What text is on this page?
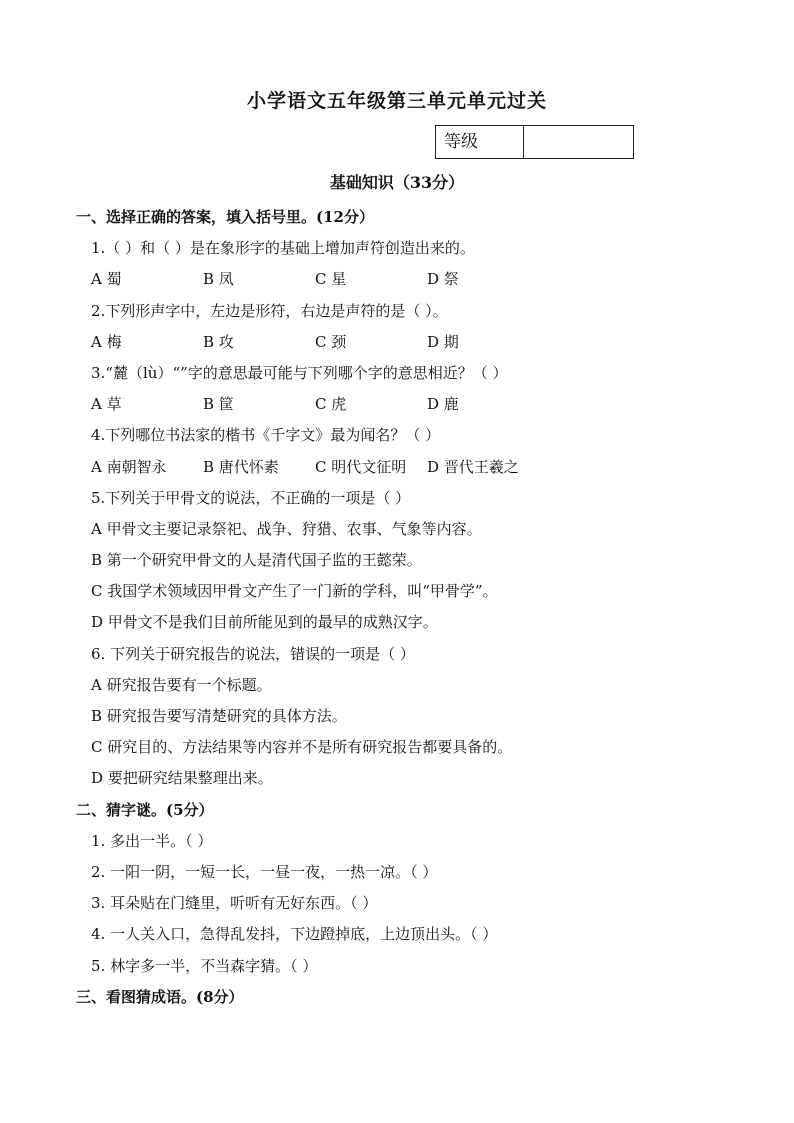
小学语文五年级第三单元单元过关
等级
基础知识（33分）
一、选择正确的答案，填入括号里。(12分）
1.（ ）和（ ）是在象形字的基础上增加声符创造出来的。
A 蜀	B 凤	C 星	D 祭
2.下列形声字中，左边是形符，右边是声符的是（ ）。
A 梅	B 攻	C 颈	D 期
3.“麓（lù）“”字的意思最可能与下列哪个字的意思相近？（ ）
A 草	B 筐	C 虎	D 鹿
4.下列哪位书法家的楷书《千字文》最为闻名？（ ）
A 南朝智永	B 唐代怀素	C 明代文征明	D 晋代王羲之
5.下列关于甲骨文的说法，不正确的一项是（ ）
A 甲骨文主要记录祭祀、战争、狩猎、农事、气象等内容。
B 第一个研究甲骨文的人是清代国子监的王懿荣。
C 我国学术领域因甲骨文产生了一门新的学科，叫“甲骨学”。
D 甲骨文不是我们目前所能见到的最早的成熟汉字。
6. 下列关于研究报告的说法，错误的一项是（ ）
A 研究报告要有一个标题。
B 研究报告要写清楚研究的具体方法。
C 研究目的、方法结果等内容并不是所有研究报告都要具备的。
D 要把研究结果整理出来。
二、猜字谜。(5分）
1. 多出一半。（ ）
2. 一阳一阴，一短一长，一昼一夜，一热一凉。（ ）
3. 耳朵贴在门缝里，听听有无好东西。（ ）
4. 一人关入口，急得乱发抖，下边蹬掉底，上边顶出头。（ ）
5. 林字多一半，不当森字猜。（ ）
三、看图猜成语。(8分）
